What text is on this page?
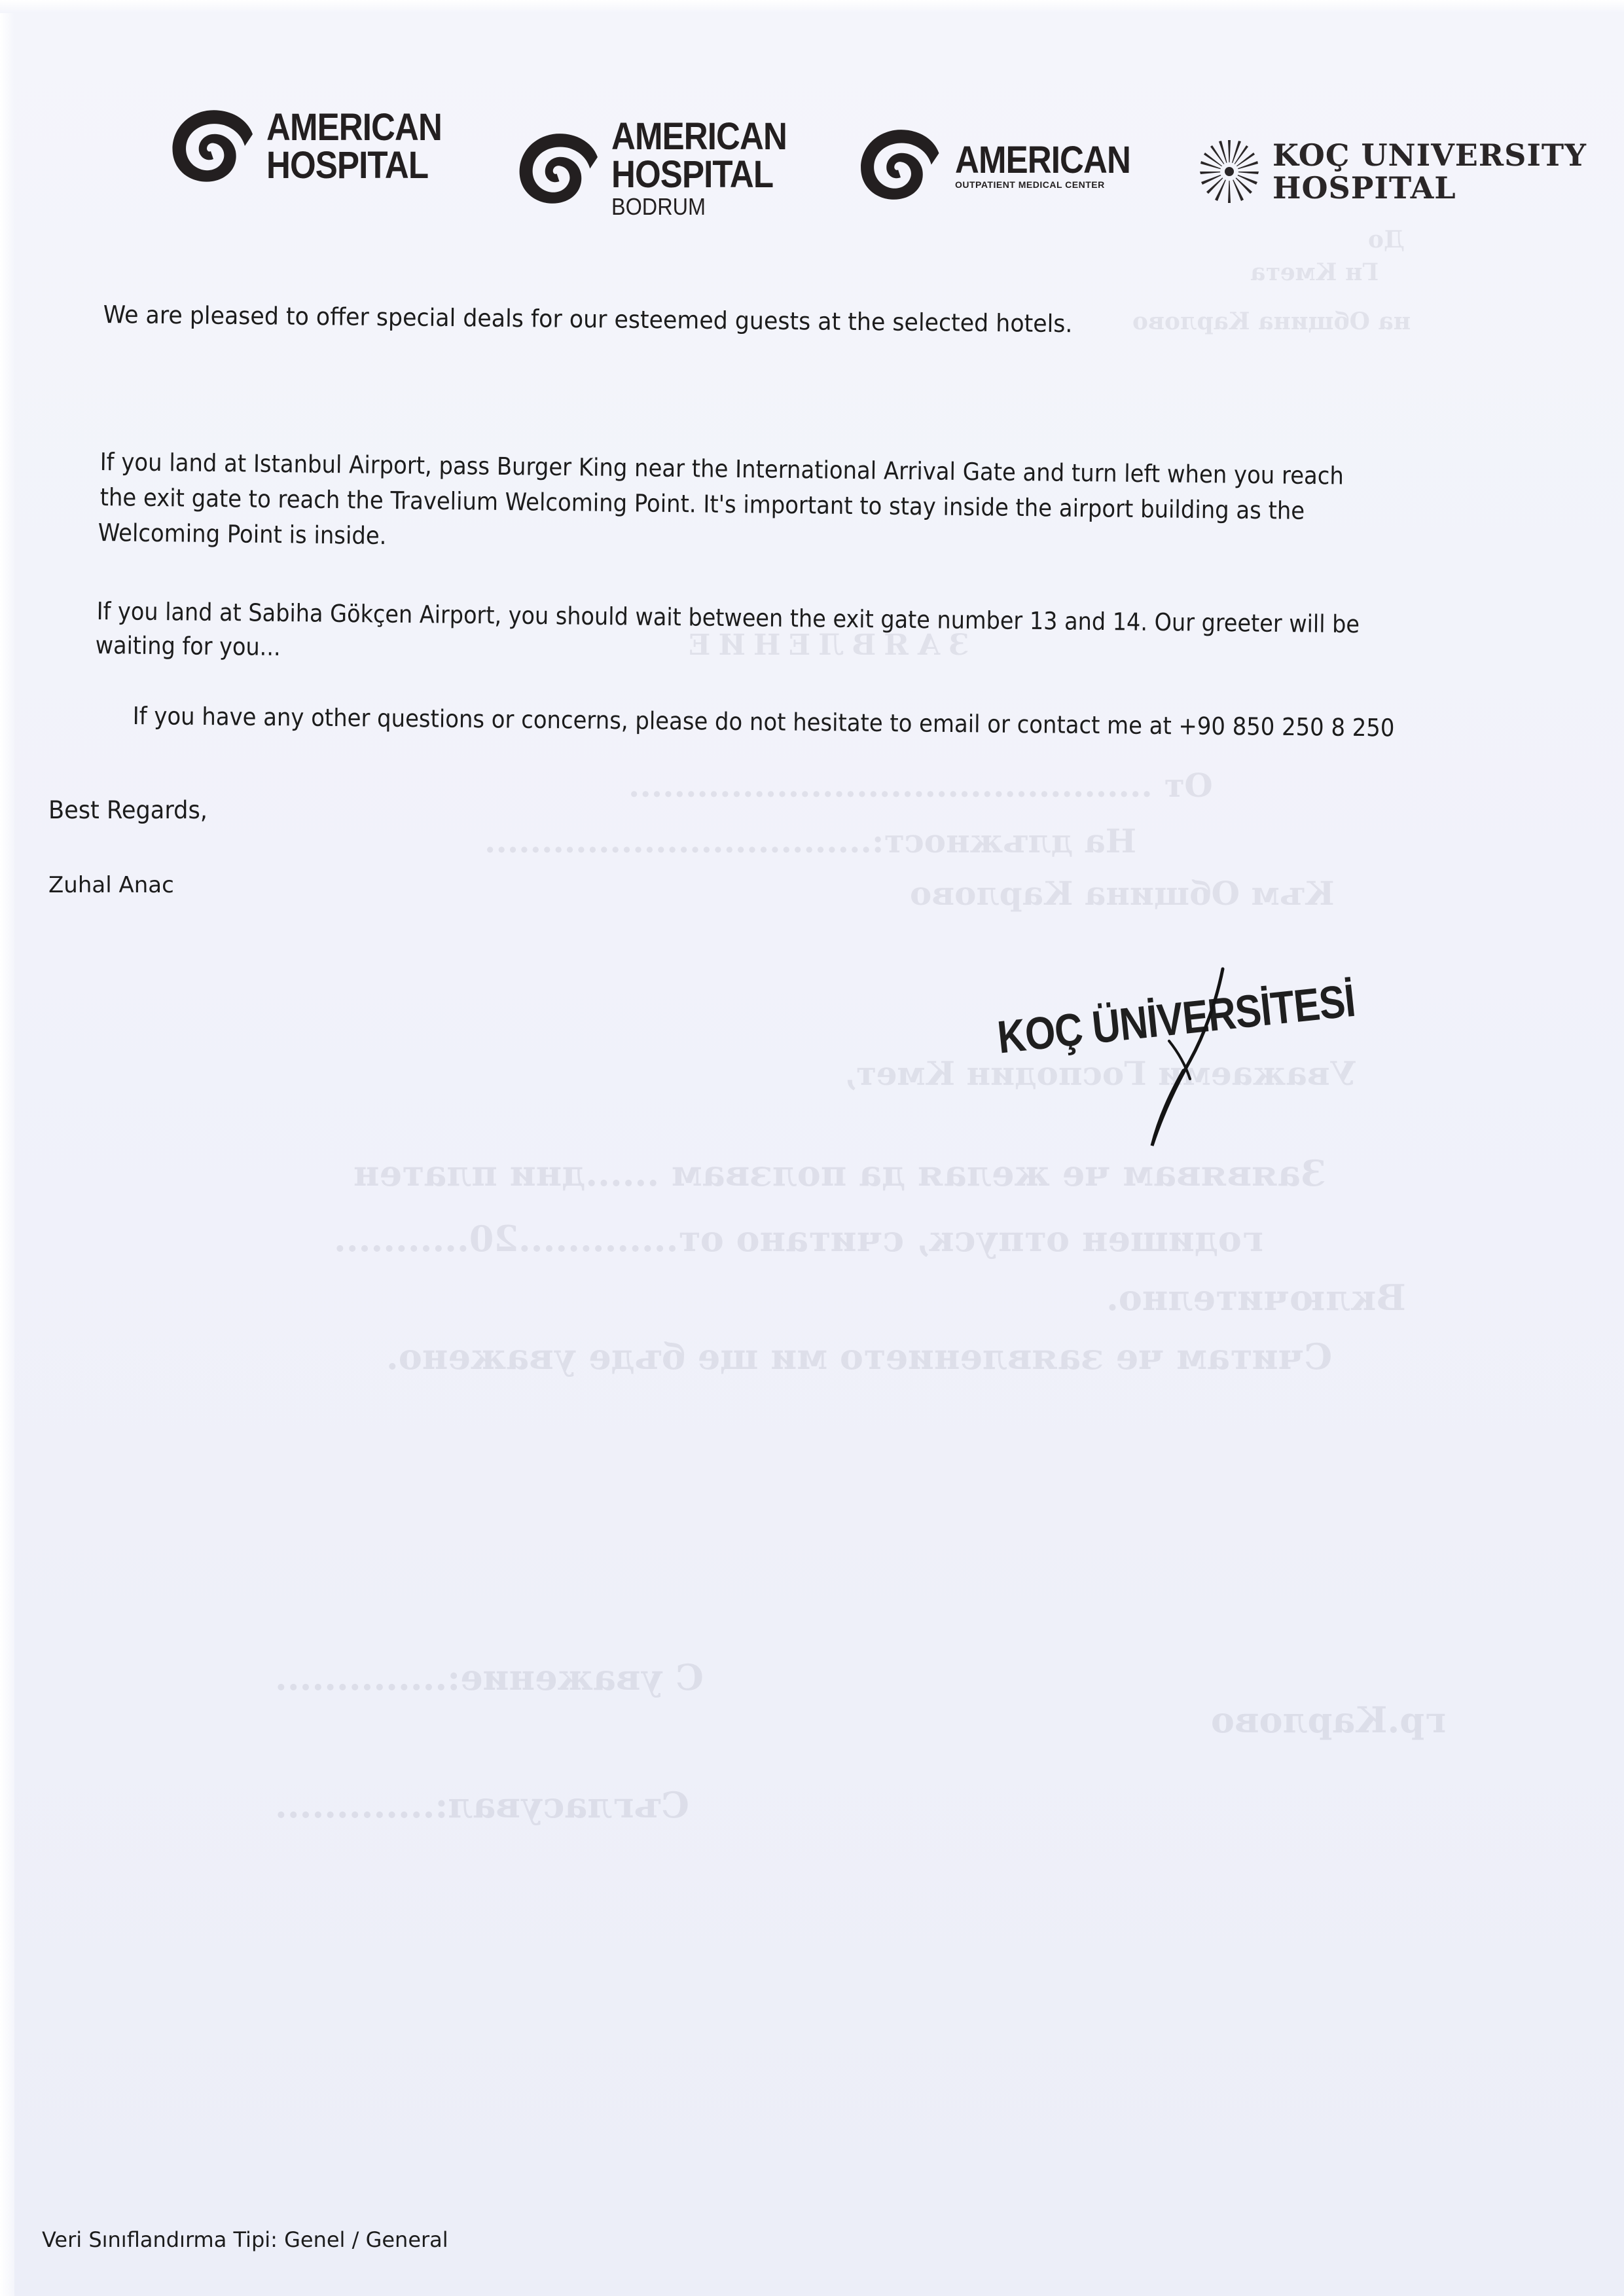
До
Гн Кмета
на Община Карлово
ЗАЯВЛЕНИЕ
От ..............................................
На длъжност:..................................
Към Община Карлово
Уважаеми Господин Кмет,
Заявявам че желая да ползвам ......дни платен
годишен отпуск, считано от.............20...........
Включително.
Считам че заявлението ми ще бъде уважено.
С уважение:..............
гр.Карлово
Съгласувал:.............
AMERICAN
HOSPITAL
AMERICAN
HOSPITAL
BODRUM
AMERICAN
OUTPATIENT MEDICAL CENTER
KOÇ UNIVERSITY
HOSPITAL
We are pleased to offer special deals for our esteemed guests at the selected hotels.
If you land at Istanbul Airport, pass Burger King near the International Arrival Gate and turn left when you reach
the exit gate to reach the Travelium Welcoming Point. It's important to stay inside the airport building as the
Welcoming Point is inside.
If you land at Sabiha Gökçen Airport, you should wait between the exit gate number 13 and 14. Our greeter will be
waiting for you...
If you have any other questions or concerns, please do not hesitate to email or contact me at +90 850 250 8 250
Best Regards,
Zuhal Anac
KOÇ ÜNİVERSİTESİ
Veri Sınıflandırma Tipi: Genel / General
